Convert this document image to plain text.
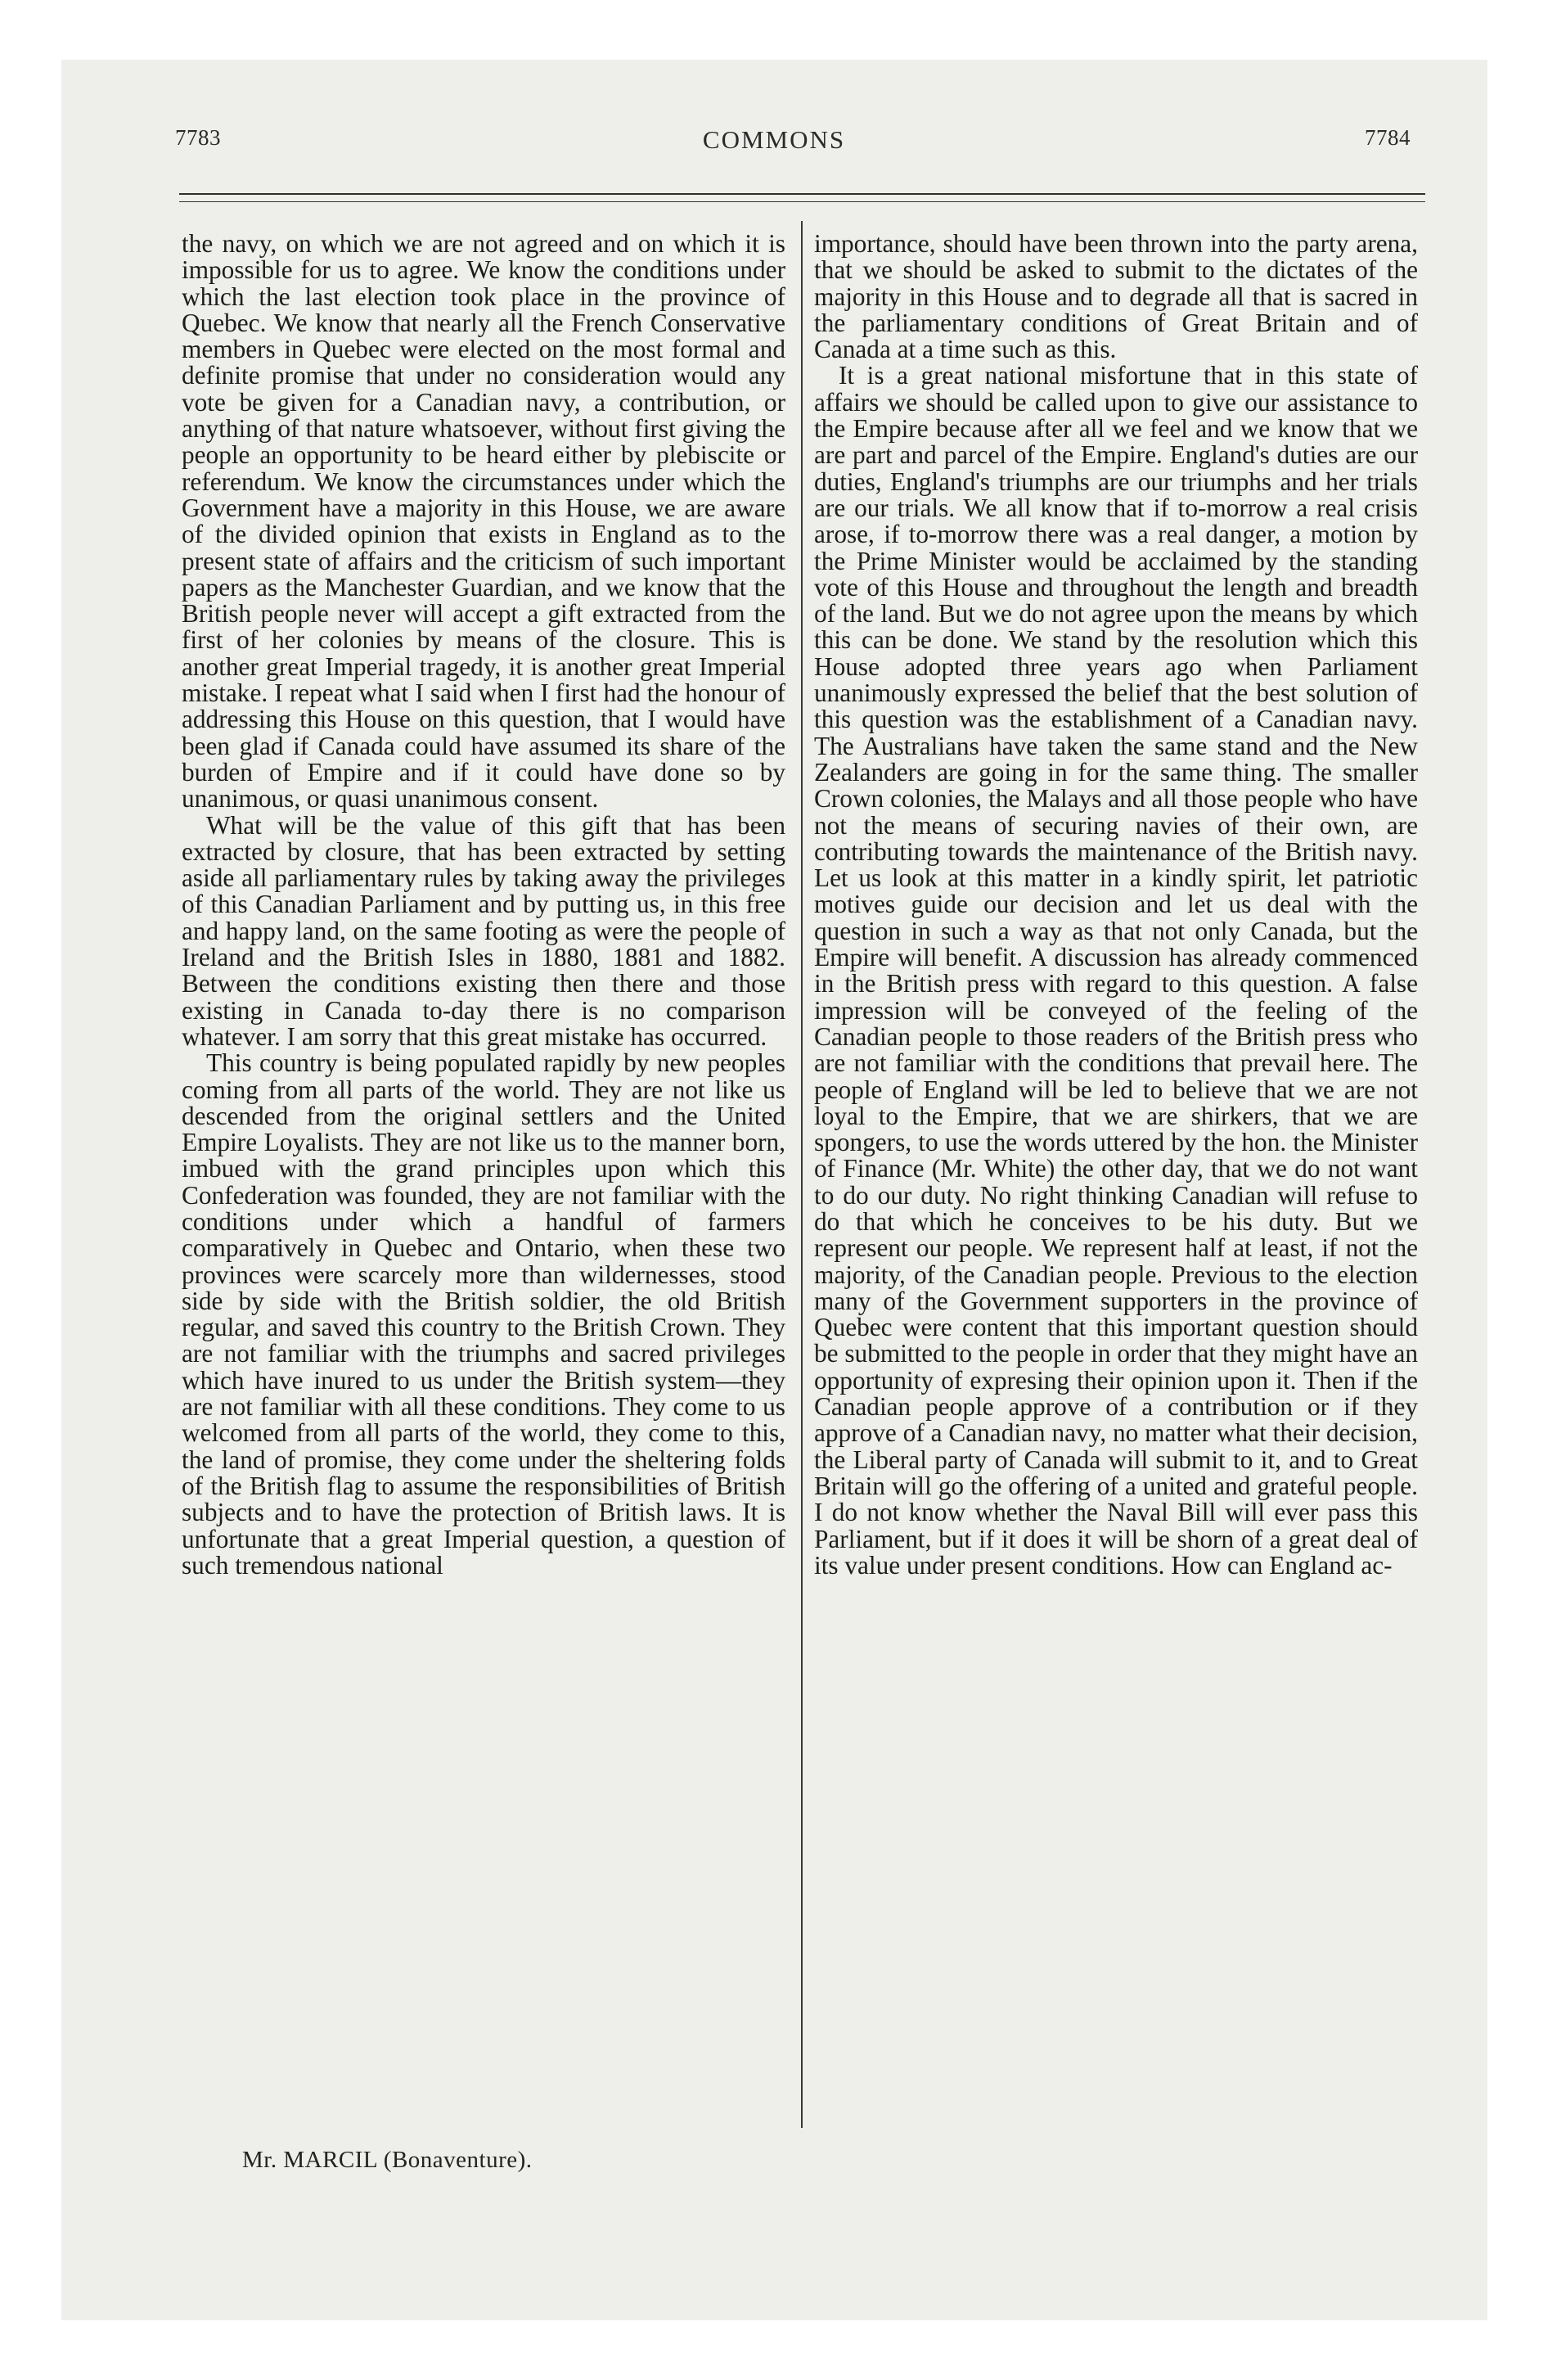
7783	COMMONS	7784

the navy, on which we are not agreed and on which it is impossible for us to agree. We know the conditions under which the last election took place in the province of Quebec. We know that nearly all the French Conservative members in Quebec were elected on the most formal and definite promise that under no consideration would any vote be given for a Canadian navy, a contribution, or anything of that nature whatsoever, without first giving the people an opportunity to be heard either by plebiscite or referendum. We know the circumstances under which the Government have a majority in this House, we are aware of the divided opinion that exists in England as to the present state of affairs and the criticism of such important papers as the Manchester Guardian, and we know that the British people never will accept a gift extracted from the first of her colonies by means of the closure. This is another great Imperial tragedy, it is another great Imperial mistake. I repeat what I said when I first had the honour of addressing this House on this question, that I would have been glad if Canada could have assumed its share of the burden of Empire and if it could have done so by unanimous, or quasi unanimous consent.

What will be the value of this gift that has been extracted by closure, that has been extracted by setting aside all parliamentary rules by taking away the privileges of this Canadian Parliament and by putting us, in this free and happy land, on the same footing as were the people of Ireland and the British Isles in 1880, 1881 and 1882. Between the conditions existing then there and those existing in Canada to-day there is no comparison whatever. I am sorry that this great mistake has occurred.

This country is being populated rapidly by new peoples coming from all parts of the world. They are not like us descended from the original settlers and the United Empire Loyalists. They are not like us to the manner born, imbued with the grand principles upon which this Confederation was founded, they are not familiar with the conditions under which a handful of farmers comparatively in Quebec and Ontario, when these two provinces were scarcely more than wildernesses, stood side by side with the British soldier, the old British regular, and saved this country to the British Crown. They are not familiar with the triumphs and sacred privileges which have inured to us under the British system—they are not familiar with all these conditions. They come to us welcomed from all parts of the world, they come to this, the land of promise, they come under the sheltering folds of the British flag to assume the responsibilities of British subjects and to have the protection of British laws. It is unfortunate that a great Imperial question, a question of such tremendous national

importance, should have been thrown into the party arena, that we should be asked to submit to the dictates of the majority in this House and to degrade all that is sacred in the parliamentary conditions of Great Britain and of Canada at a time such as this.

It is a great national misfortune that in this state of affairs we should be called upon to give our assistance to the Empire because after all we feel and we know that we are part and parcel of the Empire. England's duties are our duties, England's triumphs are our triumphs and her trials are our trials. We all know that if to-morrow a real crisis arose, if to-morrow there was a real danger, a motion by the Prime Minister would be acclaimed by the standing vote of this House and throughout the length and breadth of the land. But we do not agree upon the means by which this can be done. We stand by the resolution which this House adopted three years ago when Parliament unanimously expressed the belief that the best solution of this question was the establishment of a Canadian navy. The Australians have taken the same stand and the New Zealanders are going in for the same thing. The smaller Crown colonies, the Malays and all those people who have not the means of securing navies of their own, are contributing towards the maintenance of the British navy. Let us look at this matter in a kindly spirit, let patriotic motives guide our decision and let us deal with the question in such a way as that not only Canada, but the Empire will benefit. A discussion has already commenced in the British press with regard to this question. A false impression will be conveyed of the feeling of the Canadian people to those readers of the British press who are not familiar with the conditions that prevail here. The people of England will be led to believe that we are not loyal to the Empire, that we are shirkers, that we are spongers, to use the words uttered by the hon. the Minister of Finance (Mr. White) the other day, that we do not want to do our duty. No right thinking Canadian will refuse to do that which he conceives to be his duty. But we represent our people. We represent half at least, if not the majority, of the Canadian people. Previous to the election many of the Government supporters in the province of Quebec were content that this important question should be submitted to the people in order that they might have an opportunity of expresing their opinion upon it. Then if the Canadian people approve of a contribution or if they approve of a Canadian navy, no matter what their decision, the Liberal party of Canada will submit to it, and to Great Britain will go the offering of a united and grateful people. I do not know whether the Naval Bill will ever pass this Parliament, but if it does it will be shorn of a great deal of its value under present conditions. How can England ac-

Mr. MARCIL (Bonaventure).
